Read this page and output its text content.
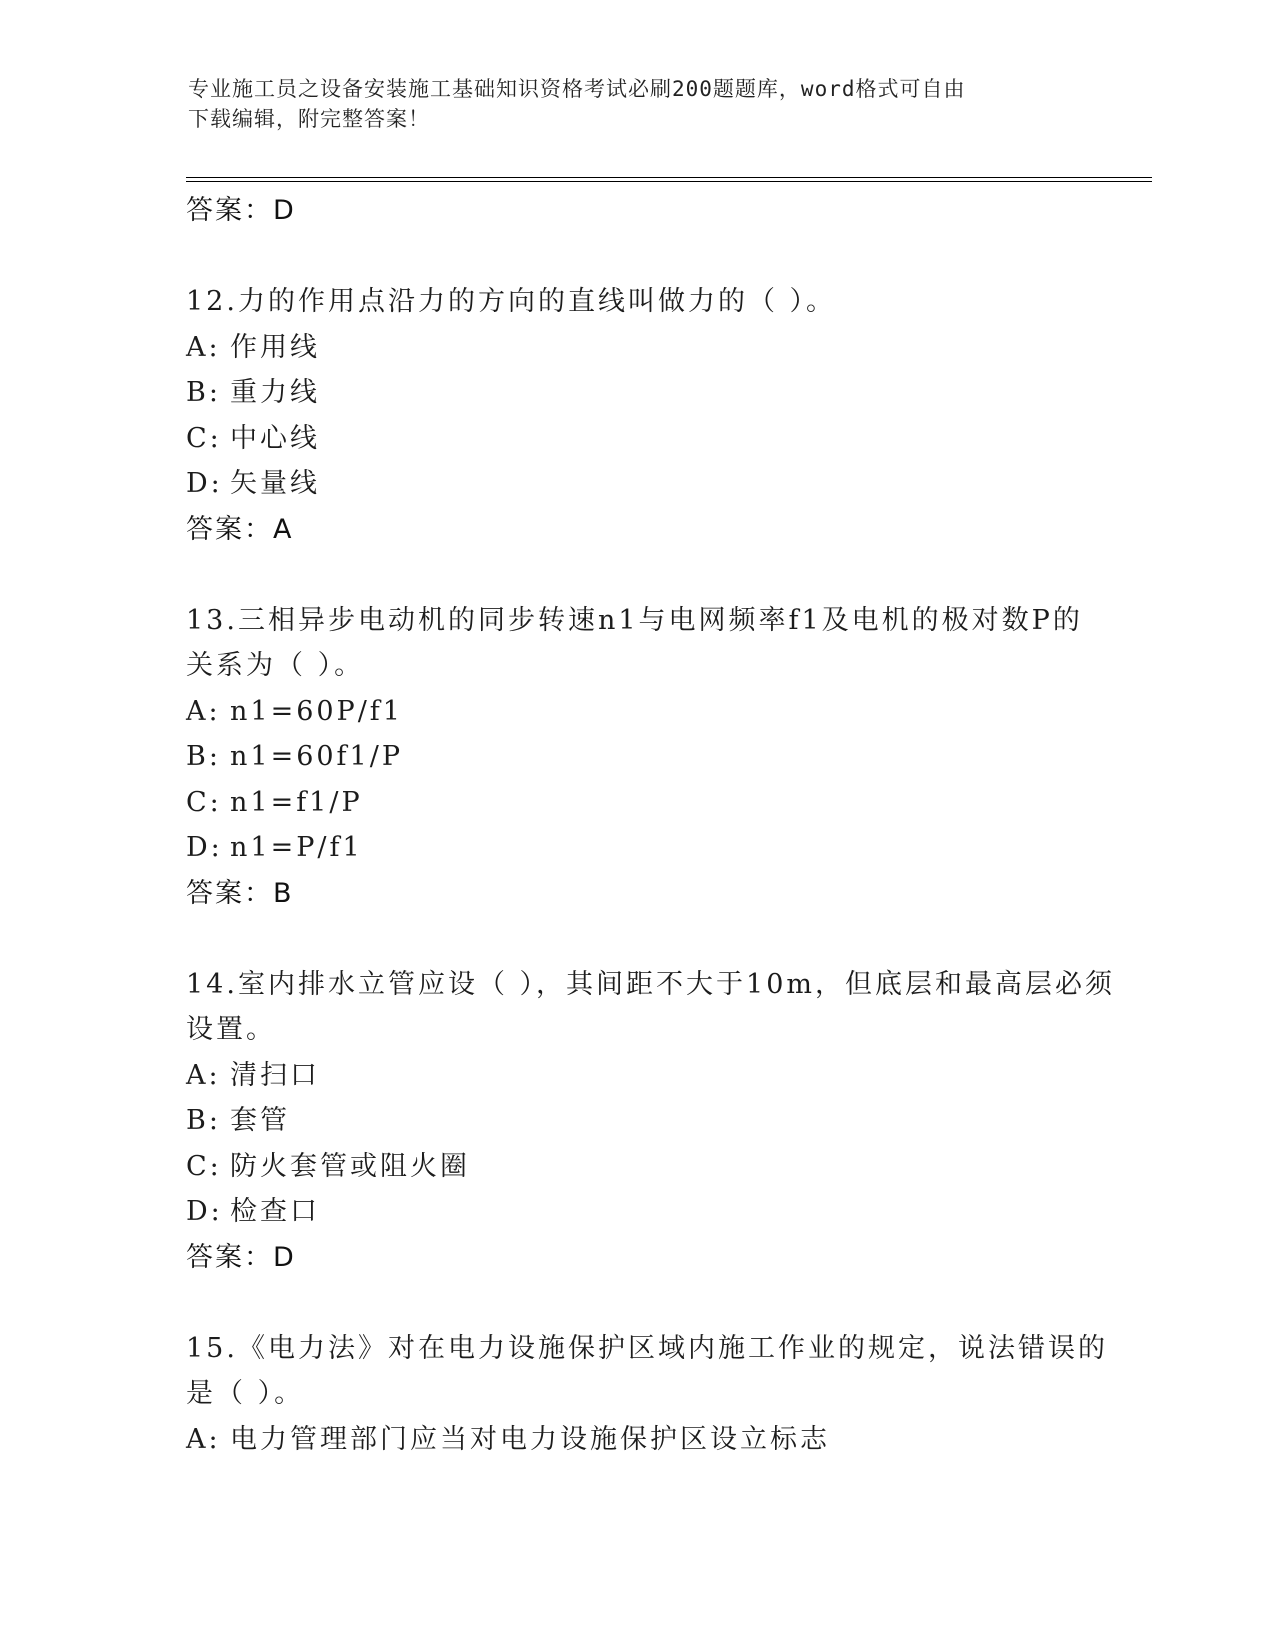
专业施工员之设备安装施工基础知识资格考试必刷200题题库，word格式可自由
下载编辑，附完整答案！
答案：D
12.力的作用点沿力的方向的直线叫做力的（ ）。
A: 作用线
B: 重力线
C: 中心线
D: 矢量线
答案：A
13.三相异步电动机的同步转速n1与电网频率f1及电机的极对数P的
关系为（ ）。
A: n1=60P/f1
B: n1=60f1/P
C: n1=f1/P
D: n1=P/f1
答案：B
14.室内排水立管应设（ ），其间距不大于10m，但底层和最高层必须
设置。
A: 清扫口
B: 套管
C: 防火套管或阻火圈
D: 检查口
答案：D
15.《电力法》对在电力设施保护区域内施工作业的规定，说法错误的
是（ ）。
A: 电力管理部门应当对电力设施保护区设立标志
